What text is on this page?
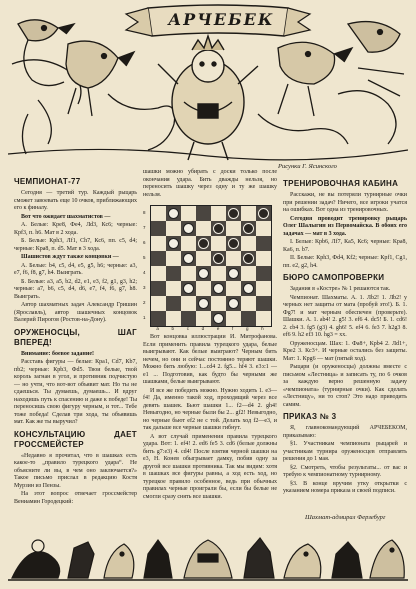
АРЧЕБЕК
Рисунки Г. Ясинского
ЧЕМПИОНАТ-77

Сегодня — третий тур. Каждый рыцарь сможет завоевать еще 10 очков, приближающих его к финалу.

Вот что ожидает шахматистов —

А. Белые: Кре8, Фе4, Лd3, Кс6; черные: Крf3, п. h6. Мат в 2 хода.

Б. Белые: Крh3, Лf1, Сh7, Кс6, пп. c5, d4; черные: Кра8, п. d5. Мат в 3 хода.

Шашистов ждут также концовки —

А. Белые: b4, c5, d4, e5, g5, h6; черные: a3, e7, f6, f8, g7, h4. Выиграть.

Б. Белые: a3, a5, b2, d2, e1, e3, f2, g1, g3, h2; черные: a7, b6, c5, d4, d6, e7, f4, f6, g7, h8. Выиграть.

Автор шахматных задач Александр Гришин (Ярославль), автор шашечных концовок Валерий Пирогов (Ростов-на-Дону).

ОРУЖЕНОСЦЫ, ШАГ ВПЕРЕД!

Внимание: боевое задание!

Расставь фигуры — белые: Кра1, Сd7, Кb7, пb2; черные: Крb3, Фd5. Твои белые, твой король загнан в угол, и противник подчистую — но учти, что вот-вот объявит мат. Но ты не сдаешься. Ты думаешь, думаешь... И вдруг находишь путь к спасению и даже к победе! Ты переносишь свою фигуру черным, и тот... Тебе тоже победа! Сделав три хода, ты объявишь мат. Как же ты выручил?

КОНСУЛЬТАЦИЮ ДАЕТ ГРОССМЕЙСТЕР

«Недавно я прочитал, что в шашках есть какое-то „правило турецкого удара“. Не объясните ли вы, в чем оно заключается?» Такое письмо прислал в редакцию Костя Мурзин из Пензы.

На этот вопрос отвечает гроссмейстер Вениамин Городецкий:

шашки можно убирать с доски только после окончания удара. Бить дважды нельзя, но переносить шашку через одну и ту же шашку нельзя.

8
7
6
5
4
3
2
1
a	b	c	d	e	f	g	h

Вот концовка иллюстрации И. Митрофанова. Если применить правила турецкого удара, белые выигрывают. Как белые выиграют? Черным бить нечем, но они и сейчас постоянно теряют шашки. Можно бить любую: 1...cd4 2. fg5... hf4 3. e3:c1 — e1 ... Подготовив, как будто бы черными же шашками, белые выигрывают.

И все же победить можно. Нужно ходить 1. e3—f4! Да, именно такой ход, проходящий через все девять шашек. Бьют шашки 1... f2—d4 2. gh4! Невыгодно, но черные были бы 2... gf2! Невыгодно, но черные бьют ef2 не с той. Делать ход f2—e3, и так дальше все черные шашки гибнут.

А вот случай применения правила турецкого удара. Вот: 1. ef4! 2. ed6 fe5 3. cd6 (белые должны бить g7:e3) 4. cd4! После взятия черной шашки на е3, Н. Конев обыгрывает дамку, побив одну за другой все шашки противника. Так мы видим: хотя в шашках все фигуры равны, а ход есть ход, но турецкое правило особенное, ведь при обычных правилах черные проиграли бы, если бы белые не смогли сразу снять все шашки.

ТРЕНИРОВОЧНАЯ КАБИНА

Расскажи, не вы потеряли турнирные очки при решении задач? Ничего, все игроки учатся на ошибках. Вот одна из тренировочных.

Сегодня проводит тренировку рыцарь Олег Шалыгин из Первомайска. В обоих его задачах — мат в 3 хода.

I. Белые: Крb6, Лf7, Кa5, Кс6; черные: Кра8, Кa6, п. b7.

II. Белые: Крh3, Фd4, Кf2; черные: Крf1, Сg1, пп. e2, g2, h4.

БЮРО САМОПРОВЕРКИ

Задания в «Костре» № 1 решаются так.

Чемпионат. Шахматы. А. 1. Лb2! 1. Лb2! у черных нет защиты от мата (пробуй это!). Б. 1. Фg7! и мат черным обеспечен (проверьте). Шашки. А. 1. ab4! 2. g5! 3. ef6 4. dc5! Б. 1. cd6! 2. cb4 3. fg5 (g3) 4. gh6! 5. ef4 6. fe3 7. h2g3 8. ef6 9. h2 ef3 10. hg3 = хх.

Оруженосцам. Шах: 1. Фa8+, Крb4 2. Лd1+, Кре2 3. Кс3+. И черные остались без защиты. Мат: 1. Кpg6 — мат (пятый ход).

Рыцари (и оруженосцы) должны вместе с письмом «Лестница» и записать ту, по 6 очков за каждую верно решенную задачу «чемпионата» (турнирные очки). Как сделать «Лестницу», ни то стоп? Это надо приводить самим.

ПРИКАЗ № 3

Я, главнокомандующий АРЧЕБЕКОМ, приказываю:

§1. Участникам чемпионата рыцарей и участникам турнира оруженосцев отправлять решения до 1 мая.

§2. Смотреть, чтобы результаты... от вас и требую к чемпионатному турнирному.

§3. В конце вручим утку открытки с указанием номера приказа и своей подписи.

Шахмат-адмирал Ферзебург
